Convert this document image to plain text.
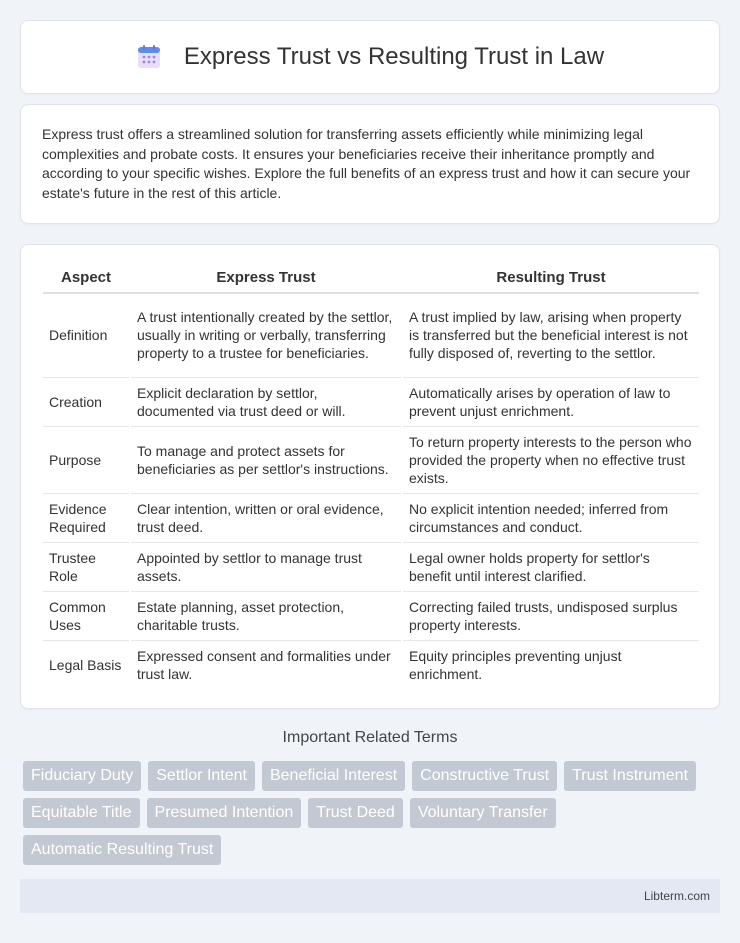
Express Trust vs Resulting Trust in Law

Express trust offers a streamlined solution for transferring assets efficiently while minimizing legal complexities and probate costs. It ensures your beneficiaries receive their inheritance promptly and according to your specific wishes. Explore the full benefits of an express trust and how it can secure your estate's future in the rest of this article.

Aspect	Express Trust	Resulting Trust
Definition	A trust intentionally created by the settlor, usually in writing or verbally, transferring property to a trustee for beneficiaries.	A trust implied by law, arising when property is transferred but the beneficial interest is not fully disposed of, reverting to the settlor.
Creation	Explicit declaration by settlor, documented via trust deed or will.	Automatically arises by operation of law to prevent unjust enrichment.
Purpose	To manage and protect assets for beneficiaries as per settlor's instructions.	To return property interests to the person who provided the property when no effective trust exists.
Evidence Required	Clear intention, written or oral evidence, trust deed.	No explicit intention needed; inferred from circumstances and conduct.
Trustee Role	Appointed by settlor to manage trust assets.	Legal owner holds property for settlor's benefit until interest clarified.
Common Uses	Estate planning, asset protection, charitable trusts.	Correcting failed trusts, undisposed surplus property interests.
Legal Basis	Expressed consent and formalities under trust law.	Equity principles preventing unjust enrichment.
Important Related Terms
Fiduciary Duty	Settlor Intent	Beneficial Interest	Constructive Trust	Trust Instrument
Equitable Title	Presumed Intention	Trust Deed	Voluntary Transfer
Automatic Resulting Trust
Libterm.com
